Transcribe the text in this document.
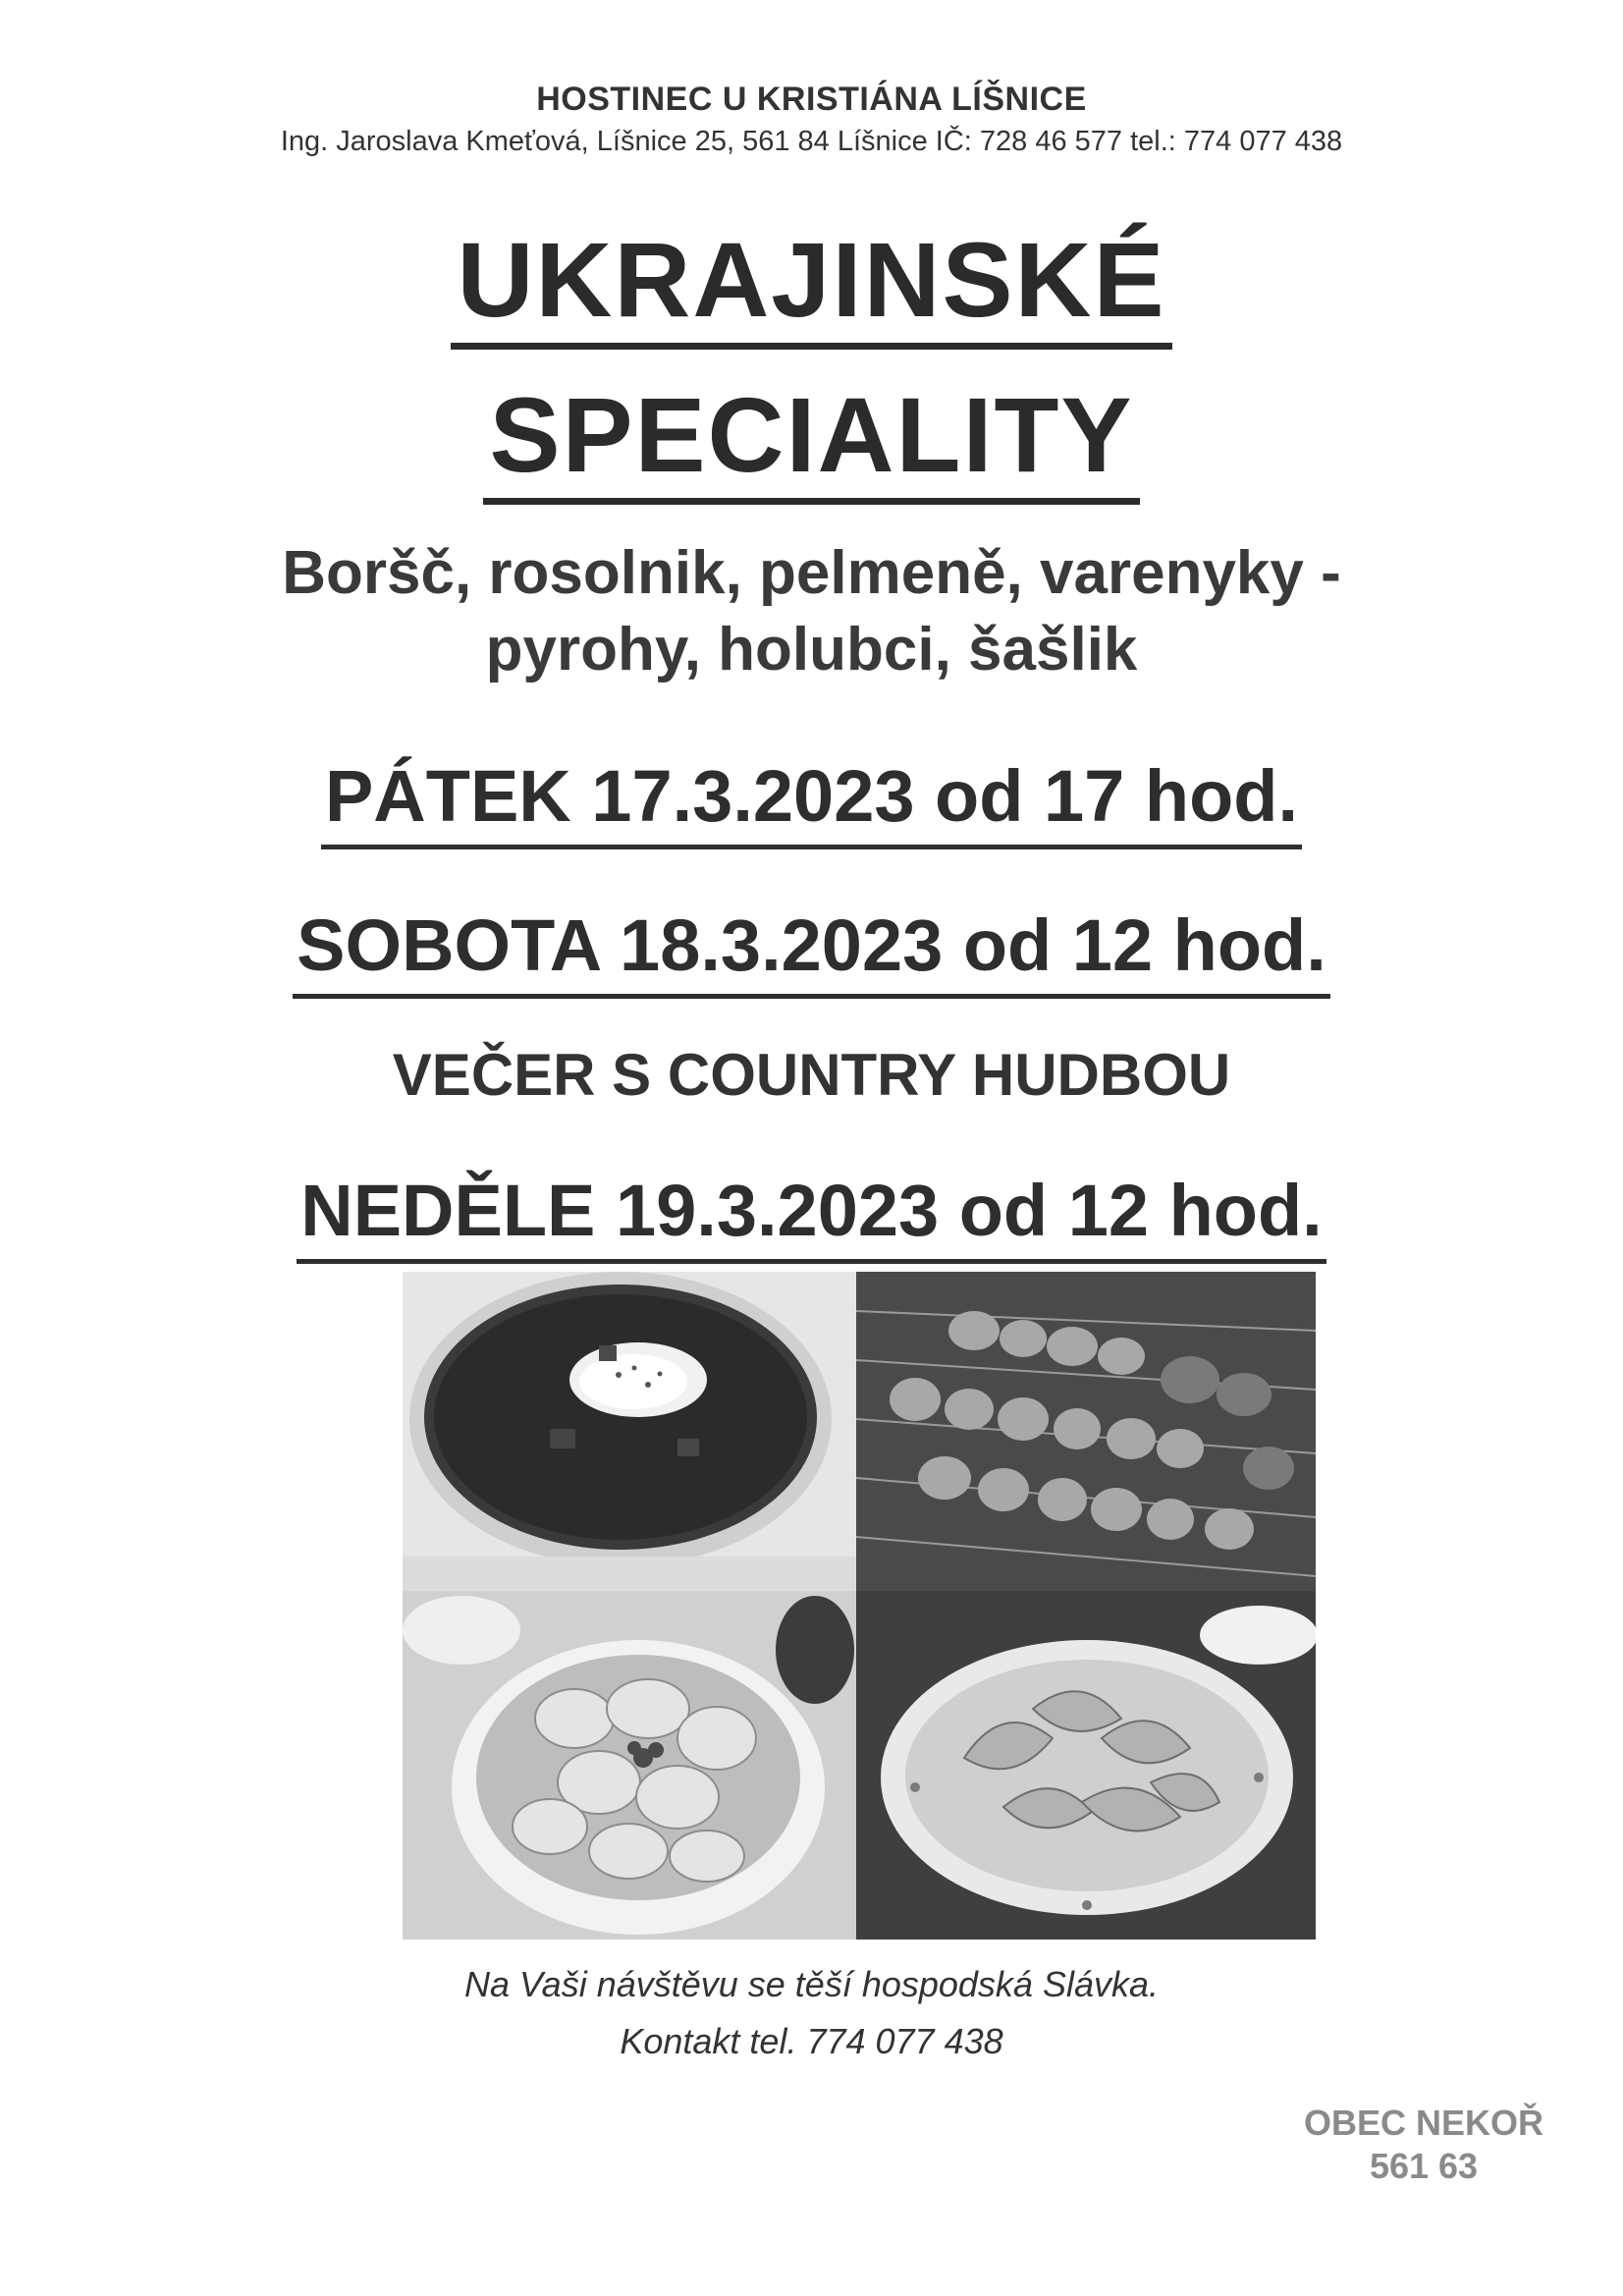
HOSTINEC U KRISTIÁNA LÍŠNICE
Ing. Jaroslava Kmeťová, Líšnice 25, 561 84 Líšnice IČ: 728 46 577 tel.: 774 077 438
UKRAJINSKÉ
SPECIALITY
Boršč, rosolnik, pelmeně, varenyky -
pyrohy, holubci, šašlik
PÁTEK 17.3.2023 od 17 hod.
SOBOTA 18.3.2023 od 12 hod.
VEČER S COUNTRY HUDBOU
NEDĚLE 19.3.2023 od 12 hod.
Na Vaši návštěvu se těší hospodská Slávka.
Kontakt tel. 774 077 438
OBEC NEKOŘ
561 63
